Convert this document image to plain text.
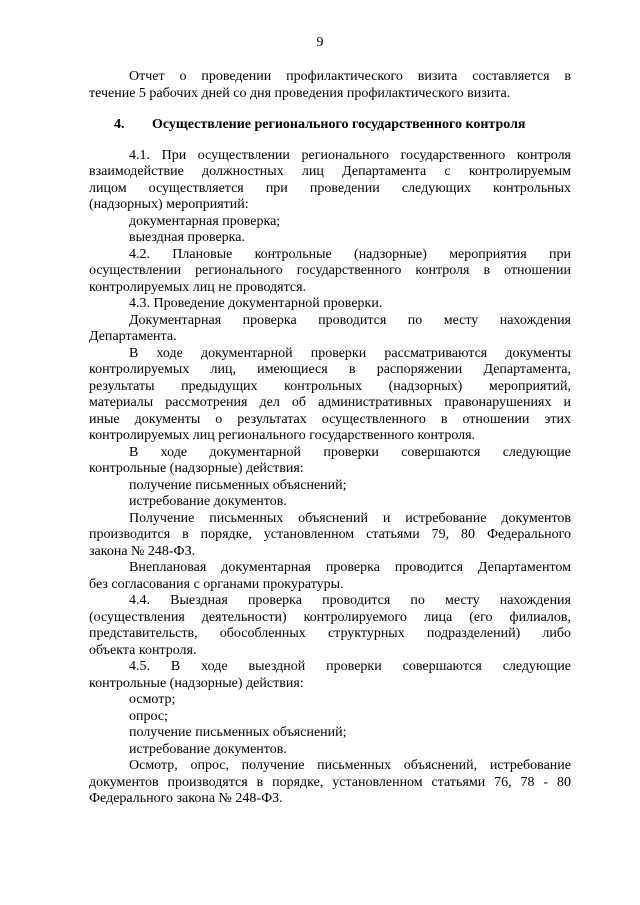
9

Отчет о проведении профилактического визита составляется в

течение 5 рабочих дней со дня проведения профилактического визита.

4.	Осуществление регионального государственного контроля

4.1. При осуществлении регионального государственного контроля

взаимодействие должностных лиц Департамента с контролируемым

лицом осуществляется при проведении следующих контрольных

(надзорных) мероприятий:

документарная проверка;

выездная проверка.

4.2. Плановые контрольные (надзорные) мероприятия при

осуществлении регионального государственного контроля в отношении

контролируемых лиц не проводятся.

4.3. Проведение документарной проверки.

Документарная проверка проводится по месту нахождения

Департамента.

В ходе документарной проверки рассматриваются документы

контролируемых лиц, имеющиеся в распоряжении Департамента,

результаты предыдущих контрольных (надзорных) мероприятий,

материалы рассмотрения дел об административных правонарушениях и

иные документы о результатах осуществленного в отношении этих

контролируемых лиц регионального государственного контроля.

В ходе документарной проверки совершаются следующие

контрольные (надзорные) действия:

получение письменных объяснений;

истребование документов.

Получение письменных объяснений и истребование документов

производится в порядке, установленном статьями 79, 80 Федерального

закона № 248-ФЗ.

Внеплановая документарная проверка проводится Департаментом

без согласования с органами прокуратуры.

4.4. Выездная проверка проводится по месту нахождения

(осуществления деятельности) контролируемого лица (его филиалов,

представительств, обособленных структурных подразделений) либо

объекта контроля.

4.5. В ходе выездной проверки совершаются следующие

контрольные (надзорные) действия:

осмотр;

опрос;

получение письменных объяснений;

истребование документов.

Осмотр, опрос, получение письменных объяснений, истребование

документов производятся в порядке, установленном статьями 76, 78 - 80

Федерального закона № 248-ФЗ.
